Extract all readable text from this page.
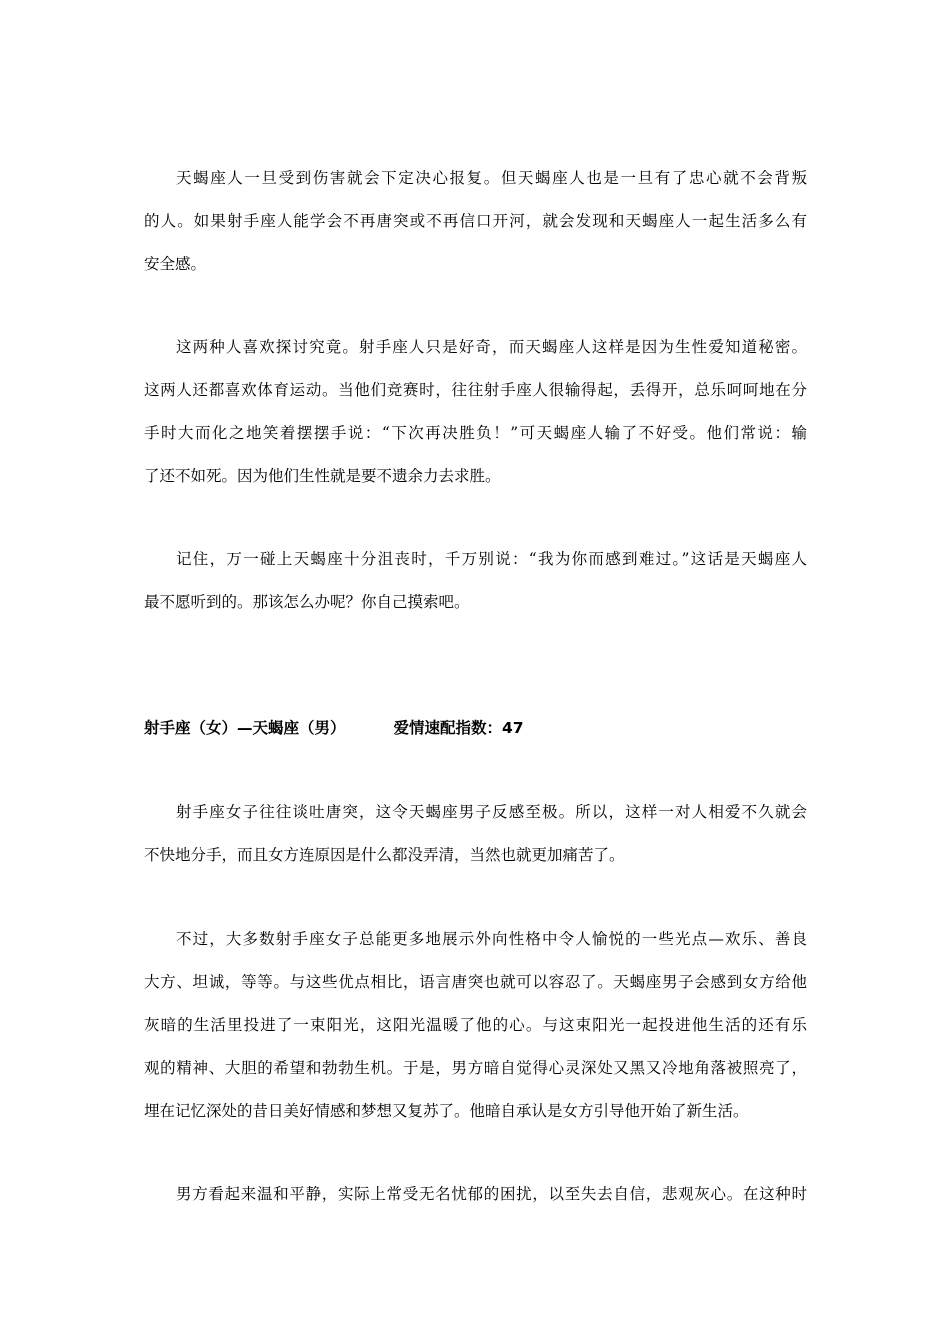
天蝎座人一旦受到伤害就会下定决心报复。但天蝎座人也是一旦有了忠心就不会背叛
的人。如果射手座人能学会不再唐突或不再信口开河，就会发现和天蝎座人一起生活多么有
安全感。
这两种人喜欢探讨究竟。射手座人只是好奇，而天蝎座人这样是因为生性爱知道秘密。
这两人还都喜欢体育运动。当他们竞赛时，往往射手座人很输得起，丢得开，总乐呵呵地在分
手时大而化之地笑着摆摆手说：“下次再决胜负！”可天蝎座人输了不好受。他们常说：输
了还不如死。因为他们生性就是要不遗余力去求胜。
记住，万一碰上天蝎座十分沮丧时，千万别说：“我为你而感到难过。”这话是天蝎座人
最不愿听到的。那该怎么办呢？你自己摸索吧。
射手座（女）—天蝎座（男）	爱情速配指数：47
射手座女子往往谈吐唐突，这令天蝎座男子反感至极。所以，这样一对人相爱不久就会
不快地分手，而且女方连原因是什么都没弄清，当然也就更加痛苦了。
不过，大多数射手座女子总能更多地展示外向性格中令人愉悦的一些光点—欢乐、善良
大方、坦诚，等等。与这些优点相比，语言唐突也就可以容忍了。天蝎座男子会感到女方给他
灰暗的生活里投进了一束阳光，这阳光温暖了他的心。与这束阳光一起投进他生活的还有乐
观的精神、大胆的希望和勃勃生机。于是，男方暗自觉得心灵深处又黑又冷地角落被照亮了，
埋在记忆深处的昔日美好情感和梦想又复苏了。他暗自承认是女方引导他开始了新生活。
男方看起来温和平静，实际上常受无名忧郁的困扰，以至失去自信，悲观灰心。在这种时
